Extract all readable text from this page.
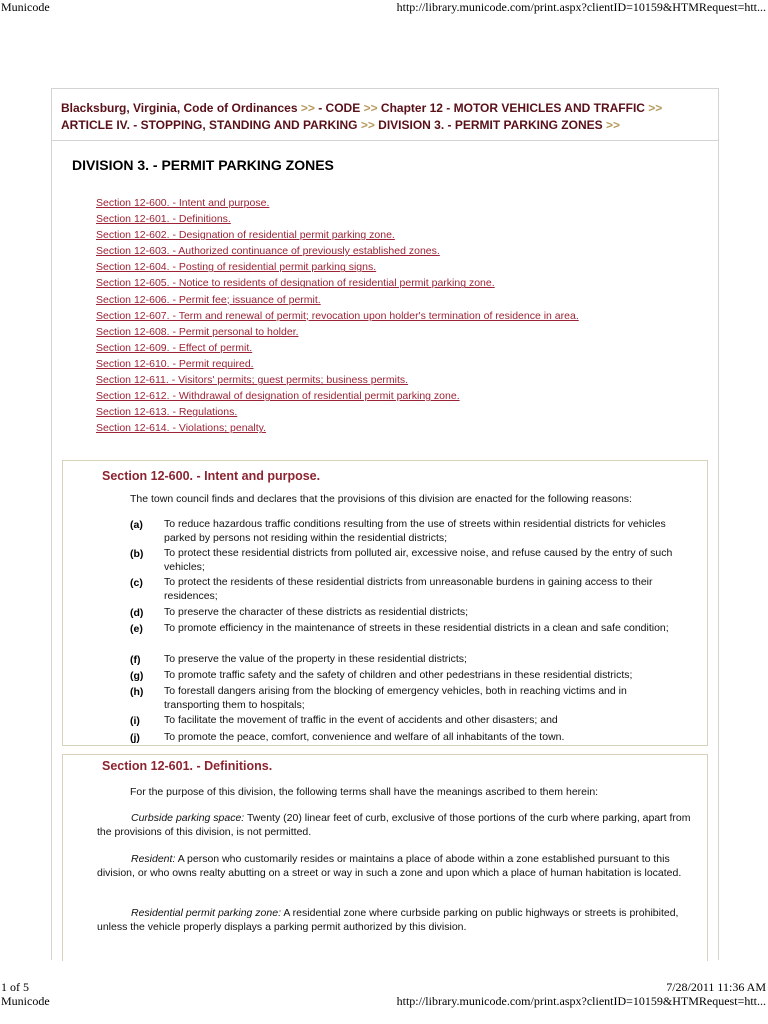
Municode	http://library.municode.com/print.aspx?clientID=10159&HTMRequest=htt...
Blacksburg, Virginia, Code of Ordinances >> - CODE >> Chapter 12 - MOTOR VEHICLES AND TRAFFIC >>
ARTICLE IV. - STOPPING, STANDING AND PARKING >> DIVISION 3. - PERMIT PARKING ZONES >>
DIVISION 3. - PERMIT PARKING ZONES
Section 12-600. - Intent and purpose.
Section 12-601. - Definitions.
Section 12-602. - Designation of residential permit parking zone.
Section 12-603. - Authorized continuance of previously established zones.
Section 12-604. - Posting of residential permit parking signs.
Section 12-605. - Notice to residents of designation of residential permit parking zone.
Section 12-606. - Permit fee; issuance of permit.
Section 12-607. - Term and renewal of permit; revocation upon holder's termination of residence in area.
Section 12-608. - Permit personal to holder.
Section 12-609. - Effect of permit.
Section 12-610. - Permit required.
Section 12-611. - Visitors' permits; guest permits; business permits.
Section 12-612. - Withdrawal of designation of residential permit parking zone.
Section 12-613. - Regulations.
Section 12-614. - Violations; penalty.
Section 12-600. - Intent and purpose.
The town council finds and declares that the provisions of this division are enacted for the following reasons:
(a) To reduce hazardous traffic conditions resulting from the use of streets within residential districts for vehicles parked by persons not residing within the residential districts;
(b) To protect these residential districts from polluted air, excessive noise, and refuse caused by the entry of such vehicles;
(c) To protect the residents of these residential districts from unreasonable burdens in gaining access to their residences;
(d) To preserve the character of these districts as residential districts;
(e) To promote efficiency in the maintenance of streets in these residential districts in a clean and safe condition;
(f) To preserve the value of the property in these residential districts;
(g) To promote traffic safety and the safety of children and other pedestrians in these residential districts;
(h) To forestall dangers arising from the blocking of emergency vehicles, both in reaching victims and in transporting them to hospitals;
(i) To facilitate the movement of traffic in the event of accidents and other disasters; and
(j) To promote the peace, comfort, convenience and welfare of all inhabitants of the town.
Section 12-601. - Definitions.
For the purpose of this division, the following terms shall have the meanings ascribed to them herein:
Curbside parking space: Twenty (20) linear feet of curb, exclusive of those portions of the curb where parking, apart from the provisions of this division, is not permitted.
Resident: A person who customarily resides or maintains a place of abode within a zone established pursuant to this division, or who owns realty abutting on a street or way in such a zone and upon which a place of human habitation is located.
Residential permit parking zone: A residential zone where curbside parking on public highways or streets is prohibited, unless the vehicle properly displays a parking permit authorized by this division.
1 of 5	7/28/2011 11:36 AM
Municode	http://library.municode.com/print.aspx?clientID=10159&HTMRequest=htt...
